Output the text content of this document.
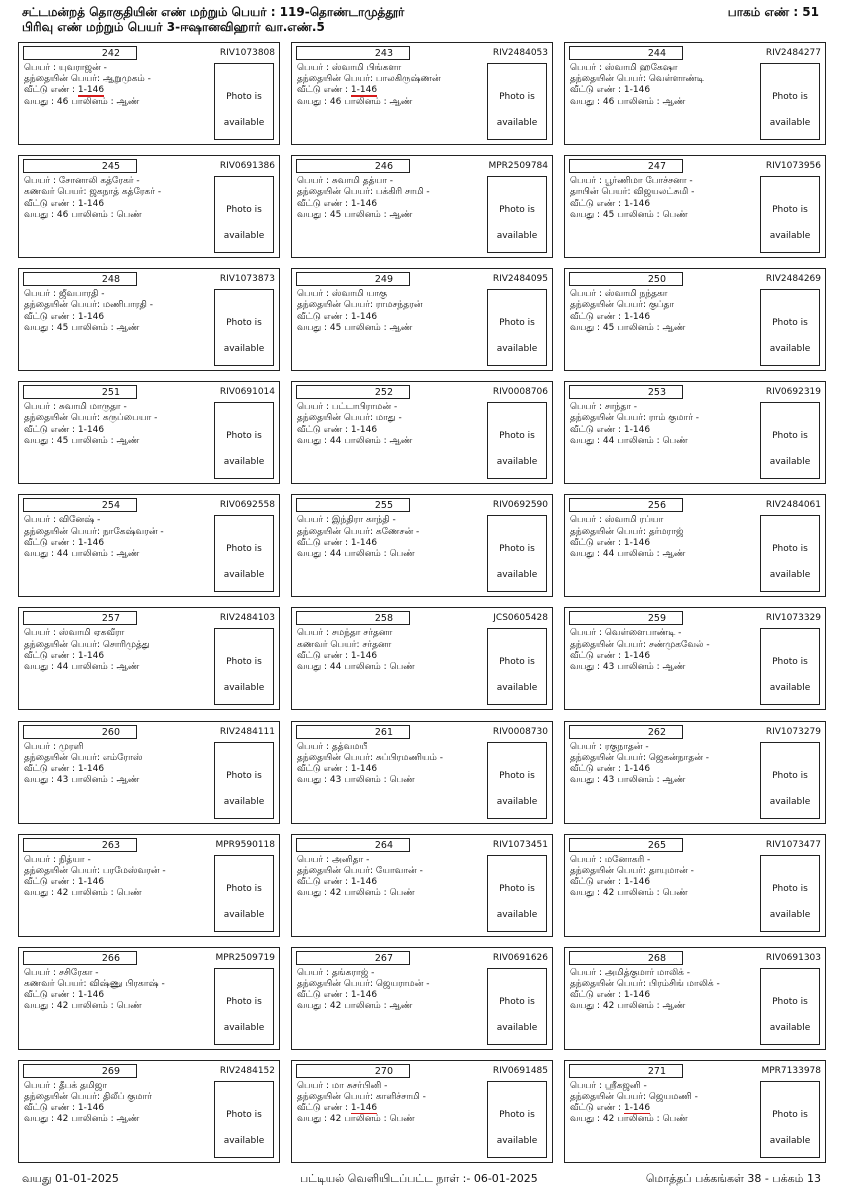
சட்டமன்றத் தொகுதியின் எண் மற்றும் பெயர் : 119-தொண்டாமுத்தூர்
பிரிவு எண் மற்றும் பெயர் 3-ஈஷானவிஹார் வா.எண்.5
பாகம் எண் : 51
242	RIV1073808
பெயர் : யுவராஜன் -
தந்தையின் பெயர்: ஆறுமுகம் -
வீட்டு எண் : 1-146
வயது : 46 பாலினம் : ஆண்	Photo is
available
243	RIV2484053
பெயர் : ஸ்வாமி பிங்களா
தந்தையின் பெயர்: பாலகிருஷ்ணன்
வீட்டு எண் : 1-146
வயது : 46 பாலினம் : ஆண்	Photo is
available
244	RIV2484277
பெயர் : ஸ்வாமி ஹகேஷா
தந்தையின் பெயர்: வெள்ளாண்டி
வீட்டு எண் : 1-146
வயது : 46 பாலினம் : ஆண்	Photo is
available
245	RIV0691386
பெயர் : சோனாலி கத்ரேகர் -
கணவர் பெயர்: ஜகநாத் கத்ரேகர் -
வீட்டு எண் : 1-146
வயது : 46 பாலினம் : பெண்	Photo is
available
246	MPR2509784
பெயர் : சுவாமி தத்யா -
தந்தையின் பெயர்: பக்கிரி சாமி -
வீட்டு எண் : 1-146
வயது : 45 பாலினம் : ஆண்	Photo is
available
247	RIV1073956
பெயர் : பூர்ணிமா போச்சனா -
தாயின் பெயர்: விஜயலட்சுமி -
வீட்டு எண் : 1-146
வயது : 45 பாலினம் : பெண்	Photo is
available
248	RIV1073873
பெயர் : ஜீவபாரதி -
தந்தையின் பெயர்: மணிபாரதி -
வீட்டு எண் : 1-146
வயது : 45 பாலினம் : ஆண்	Photo is
available
249	RIV2484095
பெயர் : ஸ்வாமி யாகு
தந்தையின் பெயர்: ராமசந்தரன்
வீட்டு எண் : 1-146
வயது : 45 பாலினம் : ஆண்	Photo is
available
250	RIV2484269
பெயர் : ஸ்வாமி நந்தகா
தந்தையின் பெயர்: குப்தா
வீட்டு எண் : 1-146
வயது : 45 பாலினம் : ஆண்	Photo is
available
251	RIV0691014
பெயர் : சுவாமி மாருதா -
தந்தையின் பெயர்: கருப்பையா -
வீட்டு எண் : 1-146
வயது : 45 பாலினம் : ஆண்	Photo is
available
252	RIV0008706
பெயர் : பட்டாபிராமன் -
தந்தையின் பெயர்: மாது -
வீட்டு எண் : 1-146
வயது : 44 பாலினம் : ஆண்	Photo is
available
253	RIV0692319
பெயர் : சாந்தா -
தந்தையின் பெயர்: ராம் குமார் -
வீட்டு எண் : 1-146
வயது : 44 பாலினம் : பெண்	Photo is
available
254	RIV0692558
பெயர் : வினேஷ் -
தந்தையின் பெயர்: நாகேஷ்வரன் -
வீட்டு எண் : 1-146
வயது : 44 பாலினம் : ஆண்	Photo is
available
255	RIV0692590
பெயர் : இந்திரா காந்தி -
தந்தையின் பெயர்: கணேசன் -
வீட்டு எண் : 1-146
வயது : 44 பாலினம் : பெண்	Photo is
available
256	RIV2484061
பெயர் : ஸ்வாமி ரப்யா
தந்தையின் பெயர்: தர்மராஜ்
வீட்டு எண் : 1-146
வயது : 44 பாலினம் : ஆண்	Photo is
available
257	RIV2484103
பெயர் : ஸ்வாமி ஏகவீரா
தந்தையின் பெயர்: சொரிமுத்து
வீட்டு எண் : 1-146
வயது : 44 பாலினம் : ஆண்	Photo is
available
258	JCS0605428
பெயர் : சமந்தா சர்தனா
கணவர் பெயர்: சர்தனா
வீட்டு எண் : 1-146
வயது : 44 பாலினம் : பெண்	Photo is
available
259	RIV1073329
பெயர் : வெள்ளைபாண்டி -
தந்தையின் பெயர்: சண்முகவேல் -
வீட்டு எண் : 1-146
வயது : 43 பாலினம் : ஆண்	Photo is
available
260	RIV2484111
பெயர் : முரளி
தந்தையின் பெயர்: எம்ரோஸ்
வீட்டு எண் : 1-146
வயது : 43 பாலினம் : ஆண்	Photo is
available
261	RIV0008730
பெயர் : தத்வமயீ
தந்தையின் பெயர்: சுப்பிரமணியம் -
வீட்டு எண் : 1-146
வயது : 43 பாலினம் : பெண்	Photo is
available
262	RIV1073279
பெயர் : ரகுநாதன் -
தந்தையின் பெயர்: ஜெகன்நாதன் -
வீட்டு எண் : 1-146
வயது : 43 பாலினம் : ஆண்	Photo is
available
263	MPR9590118
பெயர் : நித்யா -
தந்தையின் பெயர்: பரமேஸ்வரன் -
வீட்டு எண் : 1-146
வயது : 42 பாலினம் : பெண்	Photo is
available
264	RIV1073451
பெயர் : அனிதா -
தந்தையின் பெயர்: யோவான் -
வீட்டு எண் : 1-146
வயது : 42 பாலினம் : பெண்	Photo is
available
265	RIV1073477
பெயர் : மனோகரி -
தந்தையின் பெயர்: தாயுமான் -
வீட்டு எண் : 1-146
வயது : 42 பாலினம் : பெண்	Photo is
available
266	MPR2509719
பெயர் : சசிரேகா -
கணவர் பெயர்: விஷ்ணு பிரகாஷ் -
வீட்டு எண் : 1-146
வயது : 42 பாலினம் : பெண்	Photo is
available
267	RIV0691626
பெயர் : தங்கராஜ் -
தந்தையின் பெயர்: ஜெயராமன் -
வீட்டு எண் : 1-146
வயது : 42 பாலினம் : ஆண்	Photo is
available
268	RIV0691303
பெயர் : அமித்குமார் மாலிக் -
தந்தையின் பெயர்: பிரம்சிங் மாலிக் -
வீட்டு எண் : 1-146
வயது : 42 பாலினம் : ஆண்	Photo is
available
269	RIV2484152
பெயர் : தீபக் தமிஜா
தந்தையின் பெயர்: திலீப் குமார்
வீட்டு எண் : 1-146
வயது : 42 பாலினம் : ஆண்	Photo is
available
270	RIV0691485
பெயர் : மா சுசர்பினி -
தந்தையின் பெயர்: காளிச்சாமி -
வீட்டு எண் : 1-146
வயது : 42 பாலினம் : பெண்	Photo is
available
271	MPR7133978
பெயர் : ஶ்ரீகஜனி -
தந்தையின் பெயர்: ஜெயமணி -
வீட்டு எண் : 1-146
வயது : 42 பாலினம் : பெண்	Photo is
available
வயது 01-01-2025	பட்டியல் வெளியிடப்பட்ட நாள் :- 06-01-2025	மொத்தப் பக்கங்கள் 38 - பக்கம் 13
